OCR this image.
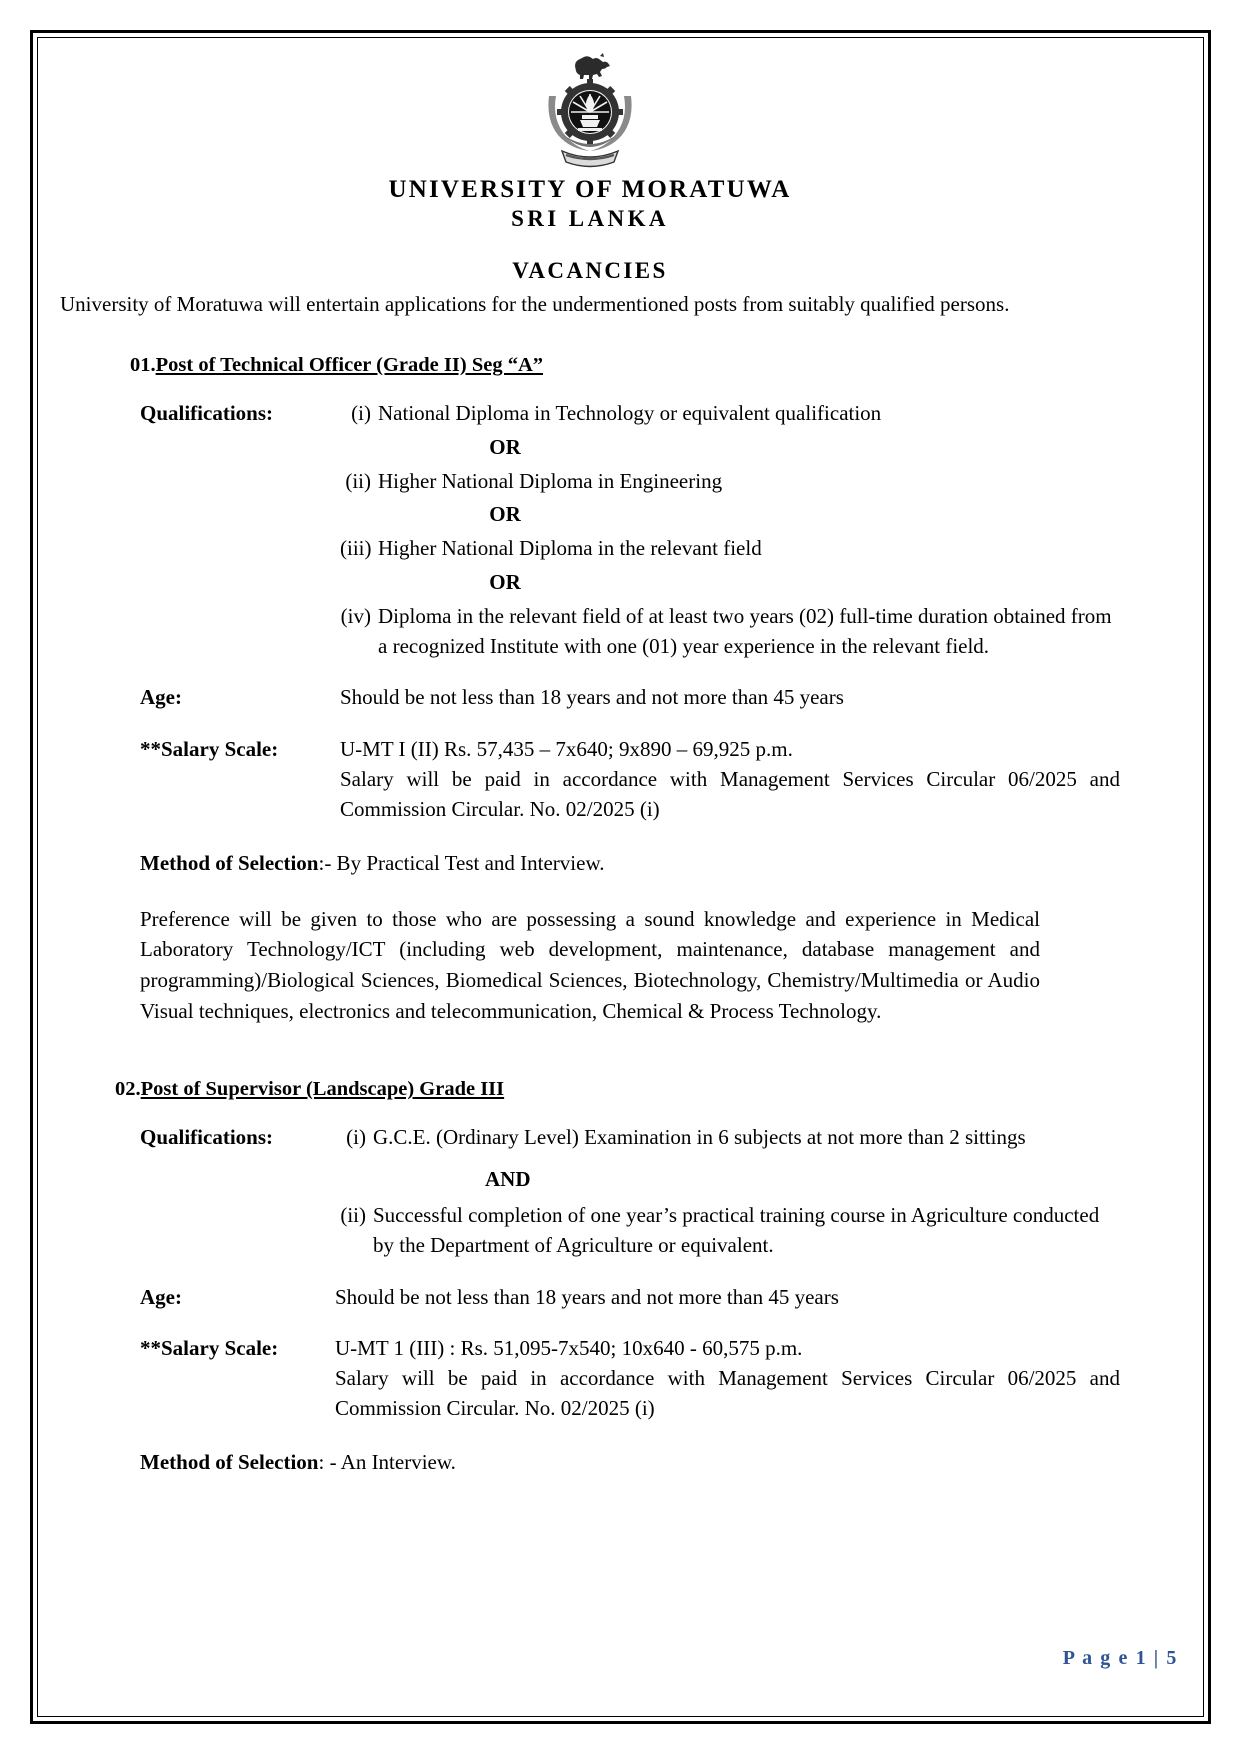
UNIVERSITY OF MORATUWA
SRI LANKA
VACANCIES

University of Moratuwa will entertain applications for the undermentioned posts from suitably qualified persons.

01.Post of Technical Officer (Grade II) Seg “A”
Qualifications:	(i) National Diploma in Technology or equivalent qualification
OR
(ii) Higher National Diploma in Engineering
OR
(iii) Higher National Diploma in the relevant field
OR
(iv) Diploma in the relevant field of at least two years (02) full-time duration obtained from a recognized Institute with one (01) year experience in the relevant field.
Age:	Should be not less than 18 years and not more than 45 years
**Salary Scale:	U-MT I (II) Rs. 57,435 – 7x640; 9x890 – 69,925 p.m.
Salary will be paid in accordance with Management Services Circular 06/2025 and Commission Circular. No. 02/2025 (i)
Method of Selection:- By Practical Test and Interview.

Preference will be given to those who are possessing a sound knowledge and experience in Medical Laboratory Technology/ICT (including web development, maintenance, database management and programming)/Biological Sciences, Biomedical Sciences, Biotechnology, Chemistry/Multimedia or Audio Visual techniques, electronics and telecommunication, Chemical & Process Technology.

02.Post of Supervisor (Landscape) Grade III
Qualifications:	(i) G.C.E. (Ordinary Level) Examination in 6 subjects at not more than 2 sittings
AND
(ii) Successful completion of one year’s practical training course in Agriculture conducted by the Department of Agriculture or equivalent.
Age:	Should be not less than 18 years and not more than 45 years
**Salary Scale:	U-MT 1 (III) : Rs. 51,095-7x540; 10x640 - 60,575 p.m.
Salary will be paid in accordance with Management Services Circular 06/2025 and Commission Circular. No. 02/2025 (i)
Method of Selection: - An Interview.
P a g e 1 | 5
